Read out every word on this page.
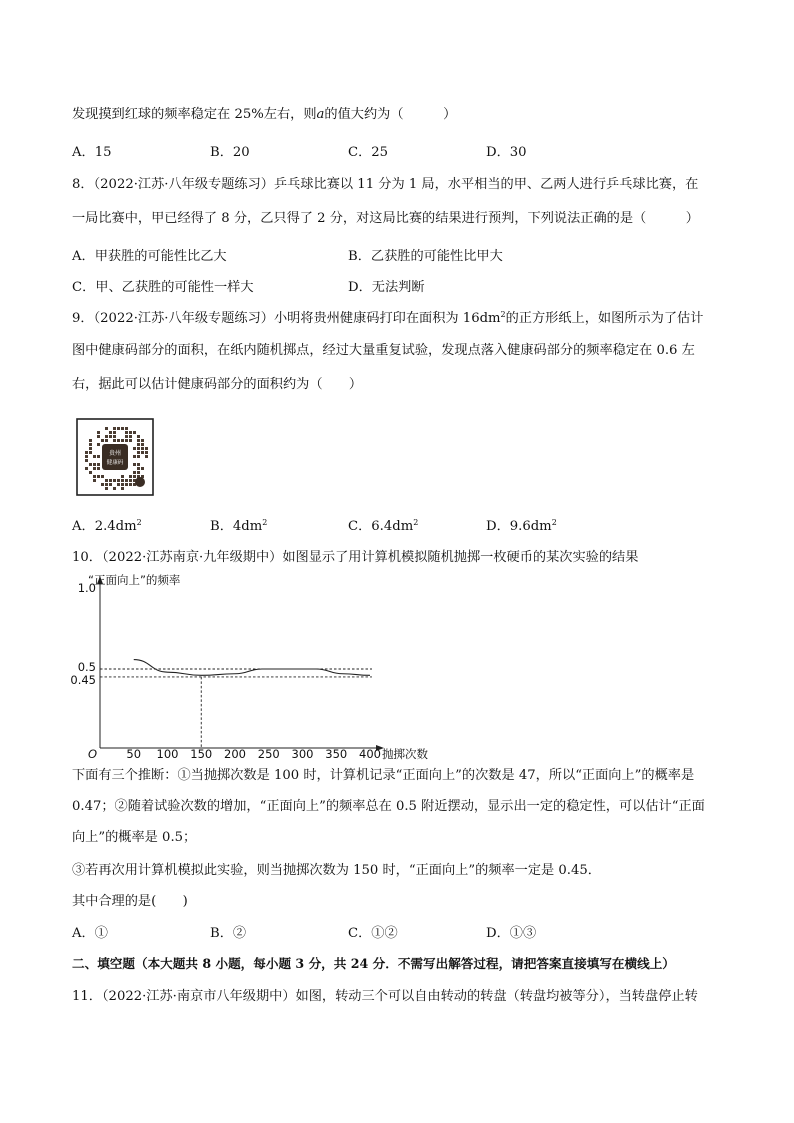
发现摸到红球的频率稳定在 25%左右，则a的值大约为（　　　）
A．15	B．20	C．25	D．30
8．（2022·江苏·八年级专题练习）乒乓球比赛以 11 分为 1 局，水平相当的甲、乙两人进行乒乓球比赛，在
一局比赛中，甲已经得了 8 分，乙只得了 2 分，对这局比赛的结果进行预判，下列说法正确的是（　　　）
A．甲获胜的可能性比乙大	B．乙获胜的可能性比甲大
C．甲、乙获胜的可能性一样大	D．无法判断
9．（2022·江苏·八年级专题练习）小明将贵州健康码打印在面积为 $16dm^2$的正方形纸上，如图所示为了估计
图中健康码部分的面积，在纸内随机掷点，经过大量重复试验，发现点落入健康码部分的频率稳定在 0.6 左
右，据此可以估计健康码部分的面积约为（　　）
贵州
健康码
A．$2.4dm^2$	B．$4dm^2$	C．$6.4dm^2$	D．$9.6dm^2$
10．（2022·江苏南京·九年级期中）如图显示了用计算机模拟随机抛掷一枚硬币的某次实验的结果
50 100 150 200 250 300 350 400
1.0
0.5
0.45
O
“正面向上”的频率
抛掷次数
下面有三个推断：①当抛掷次数是 100 时，计算机记录“正面向上”的次数是 47，所以“正面向上”的概率是
0.47；②随着试验次数的增加，“正面向上”的频率总在 0.5 附近摆动，显示出一定的稳定性，可以估计“正面
向上”的概率是 0.5；
③若再次用计算机模拟此实验，则当抛掷次数为 150 时，“正面向上”的频率一定是 0.45．
其中合理的是(　　)
A．①	B．②	C．①②	D．①③
二、填空题（本大题共 8 小题，每小题 3 分，共 24 分．不需写出解答过程，请把答案直接填写在横线上）
11．（2022·江苏·南京市八年级期中）如图，转动三个可以自由转动的转盘（转盘均被等分），当转盘停止转
